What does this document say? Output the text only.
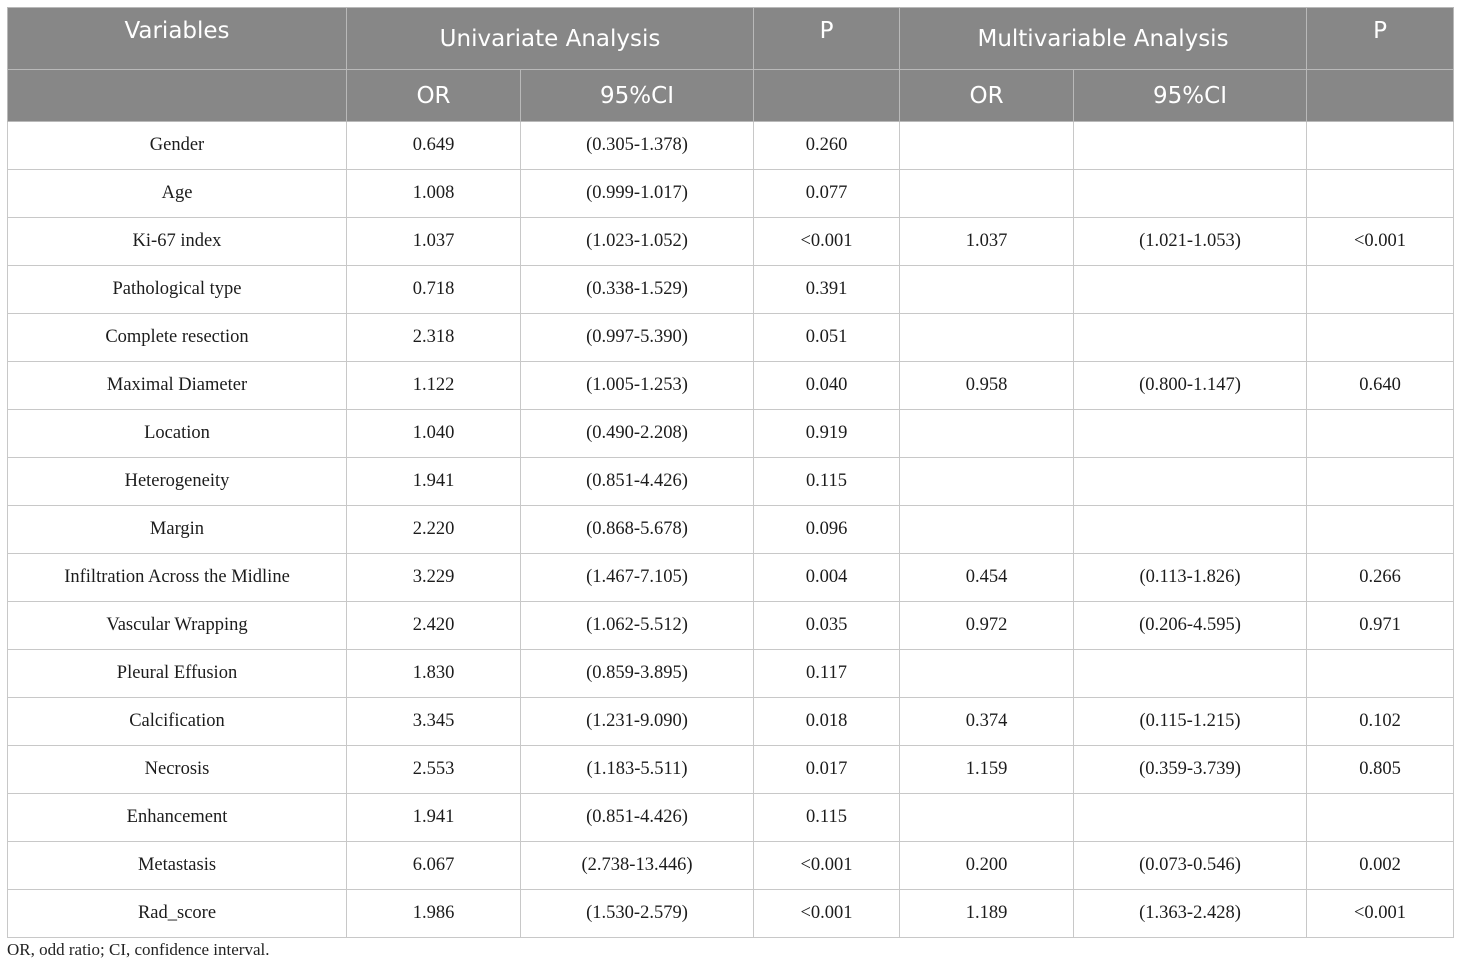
Variables	Univariate Analysis		P	Multivariable Analysis		P
	OR	95%CI		OR	95%CI	
Gender	0.649	(0.305-1.378)	0.260			
Age	1.008	(0.999-1.017)	0.077			
Ki-67 index	1.037	(1.023-1.052)	<0.001	1.037	(1.021-1.053)	<0.001
Pathological type	0.718	(0.338-1.529)	0.391			
Complete resection	2.318	(0.997-5.390)	0.051			
Maximal Diameter	1.122	(1.005-1.253)	0.040	0.958	(0.800-1.147)	0.640
Location	1.040	(0.490-2.208)	0.919			
Heterogeneity	1.941	(0.851-4.426)	0.115			
Margin	2.220	(0.868-5.678)	0.096			
Infiltration Across the Midline	3.229	(1.467-7.105)	0.004	0.454	(0.113-1.826)	0.266
Vascular Wrapping	2.420	(1.062-5.512)	0.035	0.972	(0.206-4.595)	0.971
Pleural Effusion	1.830	(0.859-3.895)	0.117			
Calcification	3.345	(1.231-9.090)	0.018	0.374	(0.115-1.215)	0.102
Necrosis	2.553	(1.183-5.511)	0.017	1.159	(0.359-3.739)	0.805
Enhancement	1.941	(0.851-4.426)	0.115			
Metastasis	6.067	(2.738-13.446)	<0.001	0.200	(0.073-0.546)	0.002
Rad_score	1.986	(1.530-2.579)	<0.001	1.189	(1.363-2.428)	<0.001
OR, odd ratio; CI, confidence interval.
